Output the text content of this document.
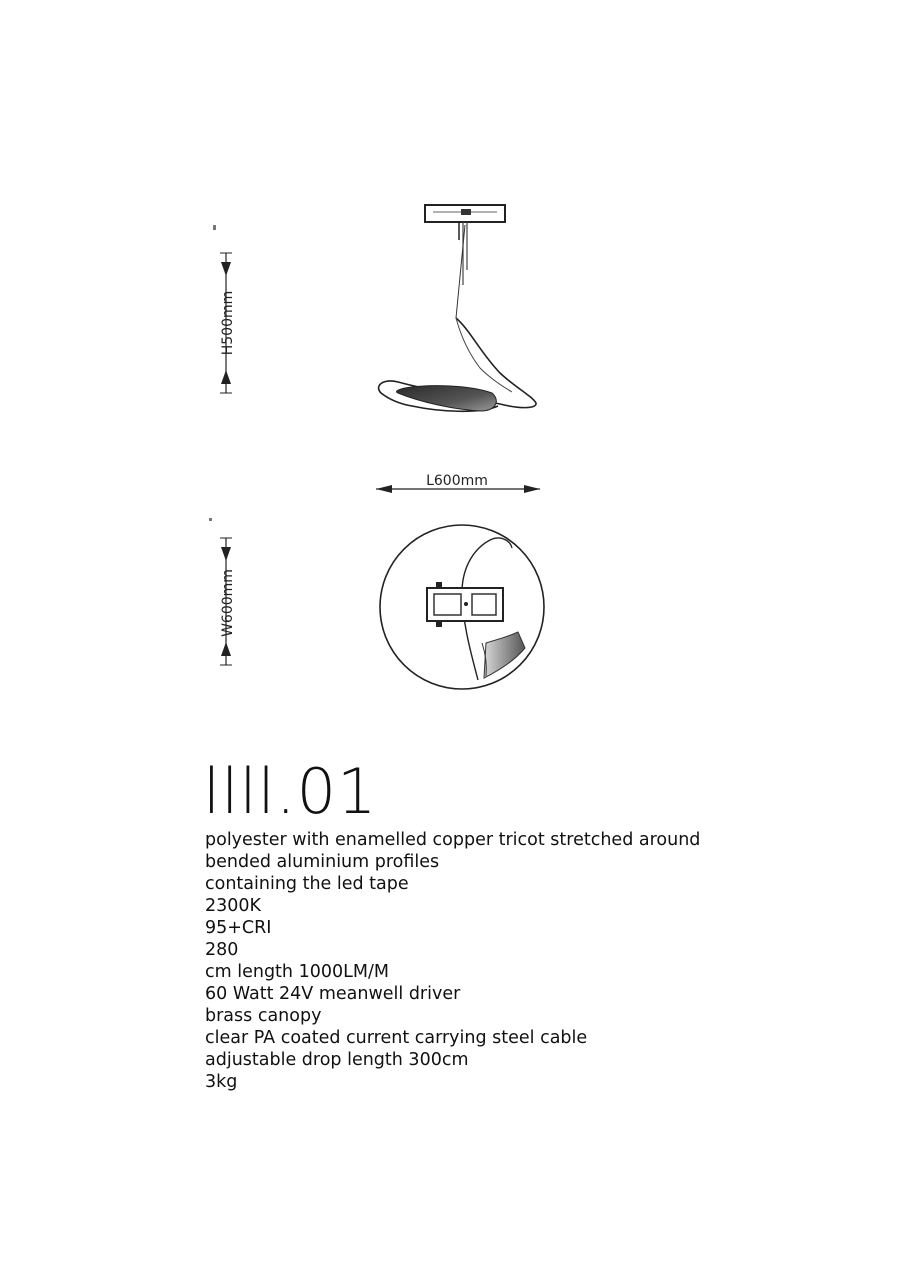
H500mm
L600mm
W600mm
llll.01
polyester with enamelled copper tricot stretched around
bended aluminium profiles
containing the led tape
2300K
95+CRI
280
cm length 1000LM/M
60 Watt 24V meanwell driver
brass canopy
clear PA coated current carrying steel cable
adjustable drop length 300cm
3kg
